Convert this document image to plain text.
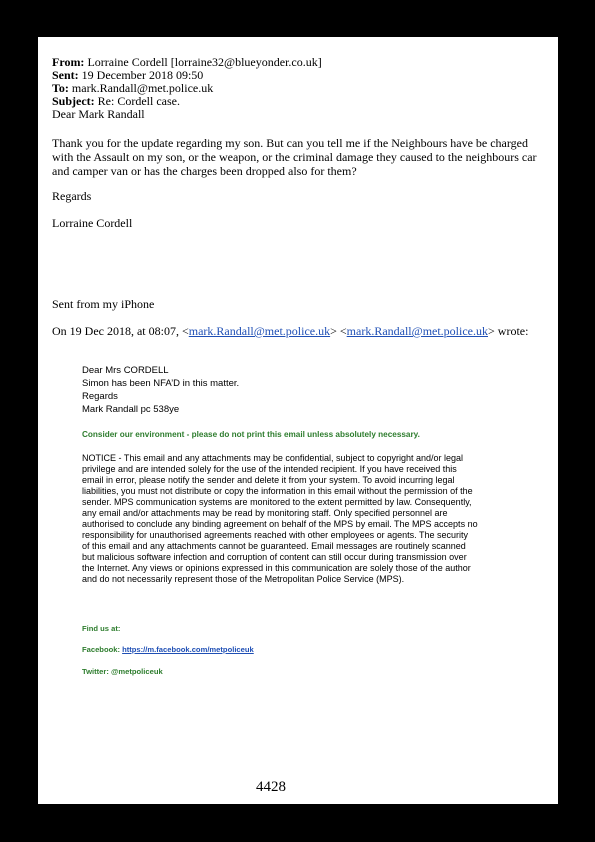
From: Lorraine Cordell [lorraine32@blueyonder.co.uk]
Sent: 19 December 2018 09:50
To: mark.Randall@met.police.uk
Subject: Re: Cordell case.
Dear Mark Randall
Thank you for the update regarding my son. But can you tell me if the Neighbours have be charged
with the Assault on my son, or the weapon, or the criminal damage they caused to the neighbours car
and camper van or has the charges been dropped also for them?
Regards
Lorraine Cordell
Sent from my iPhone
On 19 Dec 2018, at 08:07, <mark.Randall@met.police.uk> <mark.Randall@met.police.uk> wrote:
Dear Mrs CORDELL
Simon has been NFA’D in this matter.
Regards
Mark Randall pc 538ye
Consider our environment - please do not print this email unless absolutely necessary.
NOTICE - This email and any attachments may be confidential, subject to copyright and/or legal
privilege and are intended solely for the use of the intended recipient. If you have received this
email in error, please notify the sender and delete it from your system. To avoid incurring legal
liabilities, you must not distribute or copy the information in this email without the permission of the
sender. MPS communication systems are monitored to the extent permitted by law. Consequently,
any email and/or attachments may be read by monitoring staff. Only specified personnel are
authorised to conclude any binding agreement on behalf of the MPS by email. The MPS accepts no
responsibility for unauthorised agreements reached with other employees or agents. The security
of this email and any attachments cannot be guaranteed. Email messages are routinely scanned
but malicious software infection and corruption of content can still occur during transmission over
the Internet. Any views or opinions expressed in this communication are solely those of the author
and do not necessarily represent those of the Metropolitan Police Service (MPS).
Find us at:
Facebook: https://m.facebook.com/metpoliceuk
Twitter: @metpoliceuk
4428
